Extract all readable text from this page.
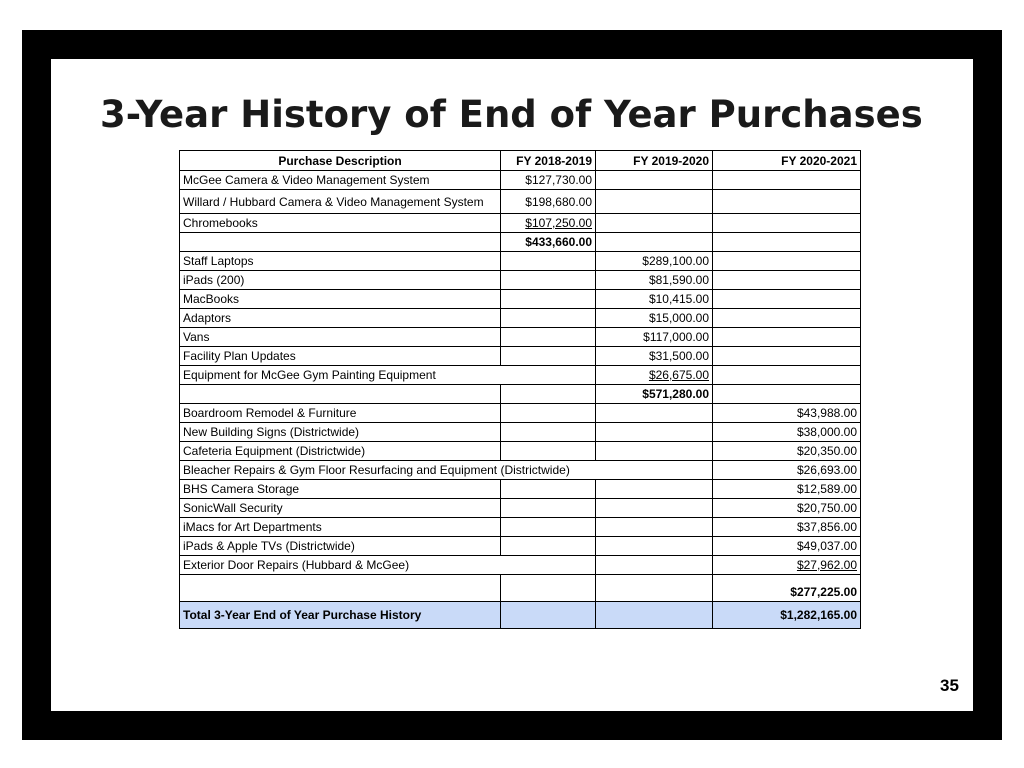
3-Year History of End of Year Purchases
Purchase Description	FY 2018-2019	FY 2019-2020	FY 2020-2021
McGee Camera & Video Management System	$127,730.00		
Willard / Hubbard Camera & Video Management System	$198,680.00		
Chromebooks	$107,250.00		
	$433,660.00		
Staff Laptops		$289,100.00	
iPads (200)		$81,590.00	
MacBooks		$10,415.00	
Adaptors		$15,000.00	
Vans		$117,000.00	
Facility Plan Updates		$31,500.00	
Equipment for McGee Gym Painting Equipment		$26,675.00	
		$571,280.00	
Boardroom Remodel & Furniture			$43,988.00
New Building Signs (Districtwide)			$38,000.00
Cafeteria Equipment (Districtwide)			$20,350.00
Bleacher Repairs & Gym Floor Resurfacing and Equipment (Districtwide)			$26,693.00
BHS Camera Storage			$12,589.00
SonicWall Security			$20,750.00
iMacs for Art Departments			$37,856.00
iPads & Apple TVs (Districtwide)			$49,037.00
Exterior Door Repairs (Hubbard & McGee)			$27,962.00
			$277,225.00
Total 3-Year End of Year Purchase History			$1,282,165.00
35
